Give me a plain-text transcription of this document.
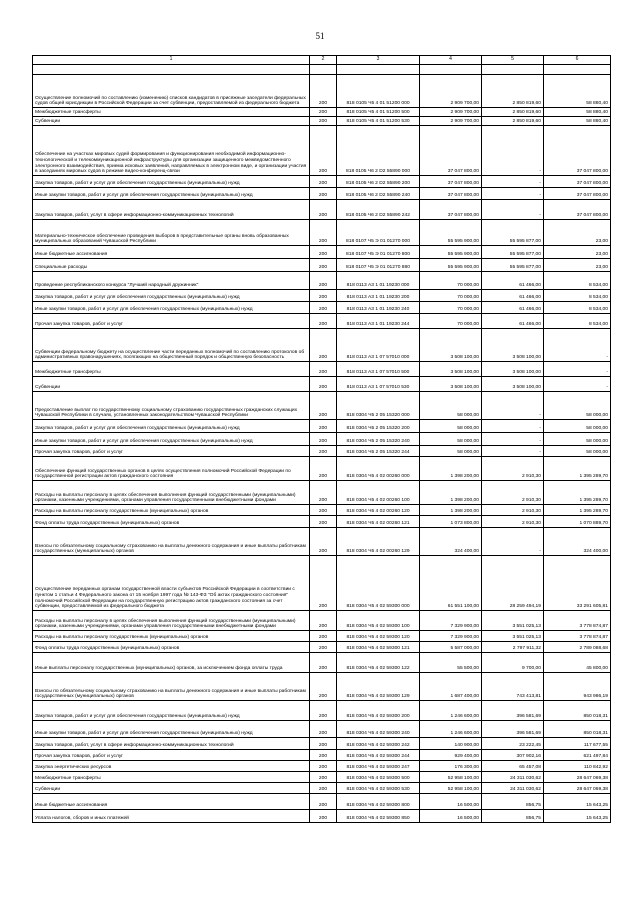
51
1	2	3	4	5	6

Осуществление полномочий по составлению (изменению) списков кандидатов в присяжные заседатели федеральных судов общей юрисдикции в Российской Федерации за счет субвенции, предоставляемой из федерального бюджета	200	818 0105 Ч5 4 01 51200 000	2 909 700,00	2 850 819,60	58 880,40
Межбюджетные трансферты	200	818 0105 Ч5 4 01 51200 500	2 909 700,00	2 850 819,60	58 880,40
Субвенции	200	818 0105 Ч5 4 01 51200 530	2 909 700,00	2 850 819,60	58 880,40
Обеспечение на участках мировых судей формирования и функционирования необходимой информационно-технологической и телекоммуникационной инфраструктуры для организации защищенного межведомственного электронного взаимодействия, приема исковых заявлений, направляемых в электронном виде, и организации участия в заседаниях мировых судов в режиме видео-конференц-связи	200	818 0105 Ч6 2 D2 55890 000	37 047 800,00	-	37 047 800,00
Закупка товаров, работ и услуг для обеспечения государственных (муниципальных) нужд	200	818 0105 Ч6 2 D2 55890 200	37 047 800,00	-	37 047 800,00
Иные закупки товаров, работ и услуг для обеспечения государственных (муниципальных) нужд	200	818 0105 Ч6 2 D2 55890 240	37 047 800,00	-	37 047 800,00
Закупка товаров, работ, услуг в сфере информационно-коммуникационных технологий	200	818 0105 Ч6 2 D2 55890 242	37 047 800,00	-	37 047 800,00
Материально-техническое обеспечение проведения выборов в представительные органы вновь образованных муниципальных образований Чувашской Республики	200	818 0107 Ч5 Э 01 01270 000	55 595 900,00	55 595 877,00	23,00
Иные бюджетные ассигнования	200	818 0107 Ч5 Э 01 01270 800	55 595 900,00	55 595 877,00	23,00
Специальные расходы	200	818 0107 Ч5 Э 01 01270 880	55 595 900,00	55 595 877,00	23,00
Проведение республиканского конкурса "Лучший народный дружинник"	200	818 0113 А3 1 01 19230 000	70 000,00	61 466,00	8 534,00
Закупка товаров, работ и услуг для обеспечения государственных (муниципальных) нужд	200	818 0113 А3 1 01 19230 200	70 000,00	61 466,00	8 534,00
Иные закупки товаров, работ и услуг для обеспечения государственных (муниципальных) нужд	200	818 0113 А3 1 01 19230 240	70 000,00	61 466,00	8 534,00
Прочая закупка товаров, работ и услуг	200	818 0113 А3 1 01 19230 244	70 000,00	61 466,00	8 534,00
Субвенции федеральному бюджету на осуществление части переданных полномочий по составлению протоколов об административных правонарушениях, посягающих на общественный порядок и общественную безопасность	200	818 0113 А3 1 07 57010 000	3 508 100,00	3 508 100,00	-
Межбюджетные трансферты	200	818 0113 А3 1 07 57010 500	3 508 100,00	3 508 100,00	-
Субвенции	200	818 0113 А3 1 07 57010 530	3 508 100,00	3 508 100,00	-
Предоставление выплат по государственному социальному страхованию государственных гражданских служащих Чувашской Республики в случаях, установленных законодательством Чувашской Республики	200	818 0304 Ч5 2 05 15320 000	58 000,00	-	58 000,00
Закупка товаров, работ и услуг для обеспечения государственных (муниципальных) нужд	200	818 0304 Ч5 2 05 15320 200	58 000,00	-	58 000,00
Иные закупки товаров, работ и услуг для обеспечения государственных (муниципальных) нужд	200	818 0304 Ч5 2 05 15320 240	58 000,00	-	58 000,00
Прочая закупка товаров, работ и услуг	200	818 0304 Ч5 2 05 15320 244	58 000,00	-	58 000,00
Обеспечение функций государственных органов в целях осуществления полномочий Российской Федерации по государственной регистрации актов гражданского состояния	200	818 0304 Ч5 4 02 00260 000	1 398 200,00	2 910,30	1 395 289,70
Расходы на выплаты персоналу в целях обеспечения выполнения функций государственными (муниципальными) органами, казенными учреждениями, органами управления государственными внебюджетными фондами	200	818 0304 Ч5 4 02 00260 100	1 398 200,00	2 910,30	1 395 289,70
Расходы на выплаты персоналу государственных (муниципальных) органов	200	818 0304 Ч5 4 02 00260 120	1 398 200,00	2 910,30	1 395 289,70
Фонд оплаты труда государственных (муниципальных) органов	200	818 0304 Ч5 4 02 00260 121	1 073 800,00	2 910,30	1 070 889,70
Взносы по обязательному социальному страхованию на выплаты денежного содержания и иные выплаты работникам государственных (муниципальных) органов	200	818 0304 Ч5 4 02 00260 129	324 400,00	-	324 400,00
Осуществление переданных органам государственной власти субъектов Российской Федерации в соответствии с пунктом 1 статьи 4 Федерального закона от 15 ноября 1997 года № 143-ФЗ "Об актах гражданского состояния" полномочий Российской Федерации на государственную регистрацию актов гражданского состояния за счет субвенции, предоставляемой из федерального бюджета	200	818 0304 Ч5 4 02 59300 000	61 551 100,00	28 259 494,19	33 291 605,81
Расходы на выплаты персоналу в целях обеспечения выполнения функций государственными (муниципальными) органами, казенными учреждениями, органами управления государственными внебюджетными фондами	200	818 0304 Ч5 4 02 59300 100	7 329 900,00	3 551 025,13	3 778 874,87
Расходы на выплаты персоналу государственных (муниципальных) органов	200	818 0304 Ч5 4 02 59300 120	7 329 900,00	3 551 025,13	3 778 874,87
Фонд оплаты труда государственных (муниципальных) органов	200	818 0304 Ч5 4 02 59300 121	5 587 000,00	2 797 911,32	2 789 088,68
Иные выплаты персоналу государственных (муниципальных) органов, за исключением фонда оплаты труда	200	818 0304 Ч5 4 02 59300 122	55 500,00	9 700,00	45 800,00
Взносы по обязательному социальному страхованию на выплаты денежного содержания и иные выплаты работникам государственных (муниципальных) органов	200	818 0304 Ч5 4 02 59300 129	1 687 400,00	743 413,81	943 986,19
Закупка товаров, работ и услуг для обеспечения государственных (муниципальных) нужд	200	818 0304 Ч5 4 02 59300 200	1 246 600,00	396 581,69	850 018,31
Иные закупки товаров, работ и услуг для обеспечения государственных (муниципальных) нужд	200	818 0304 Ч5 4 02 59300 240	1 246 600,00	396 581,69	850 018,31
Закупка товаров, работ, услуг в сфере информационно-коммуникационных технологий	200	818 0304 Ч5 4 02 59300 242	140 900,00	23 222,45	117 677,55
Прочая закупка товаров, работ и услуг	200	818 0304 Ч5 4 02 59300 244	929 400,00	307 902,16	621 497,84
Закупка энергетических ресурсов	200	818 0304 Ч5 4 02 59300 247	176 300,00	65 457,08	110 842,92
Межбюджетные трансферты	200	818 0304 Ч5 4 02 59300 500	52 958 100,00	24 311 030,62	28 647 069,38
Субвенции	200	818 0304 Ч5 4 02 59300 530	52 958 100,00	24 311 030,62	28 647 069,38
Иные бюджетные ассигнования	200	818 0304 Ч5 4 02 59300 800	16 500,00	856,75	15 643,25
Уплата налогов, сборов и иных платежей	200	818 0304 Ч5 4 02 59300 850	16 500,00	856,75	15 643,25
